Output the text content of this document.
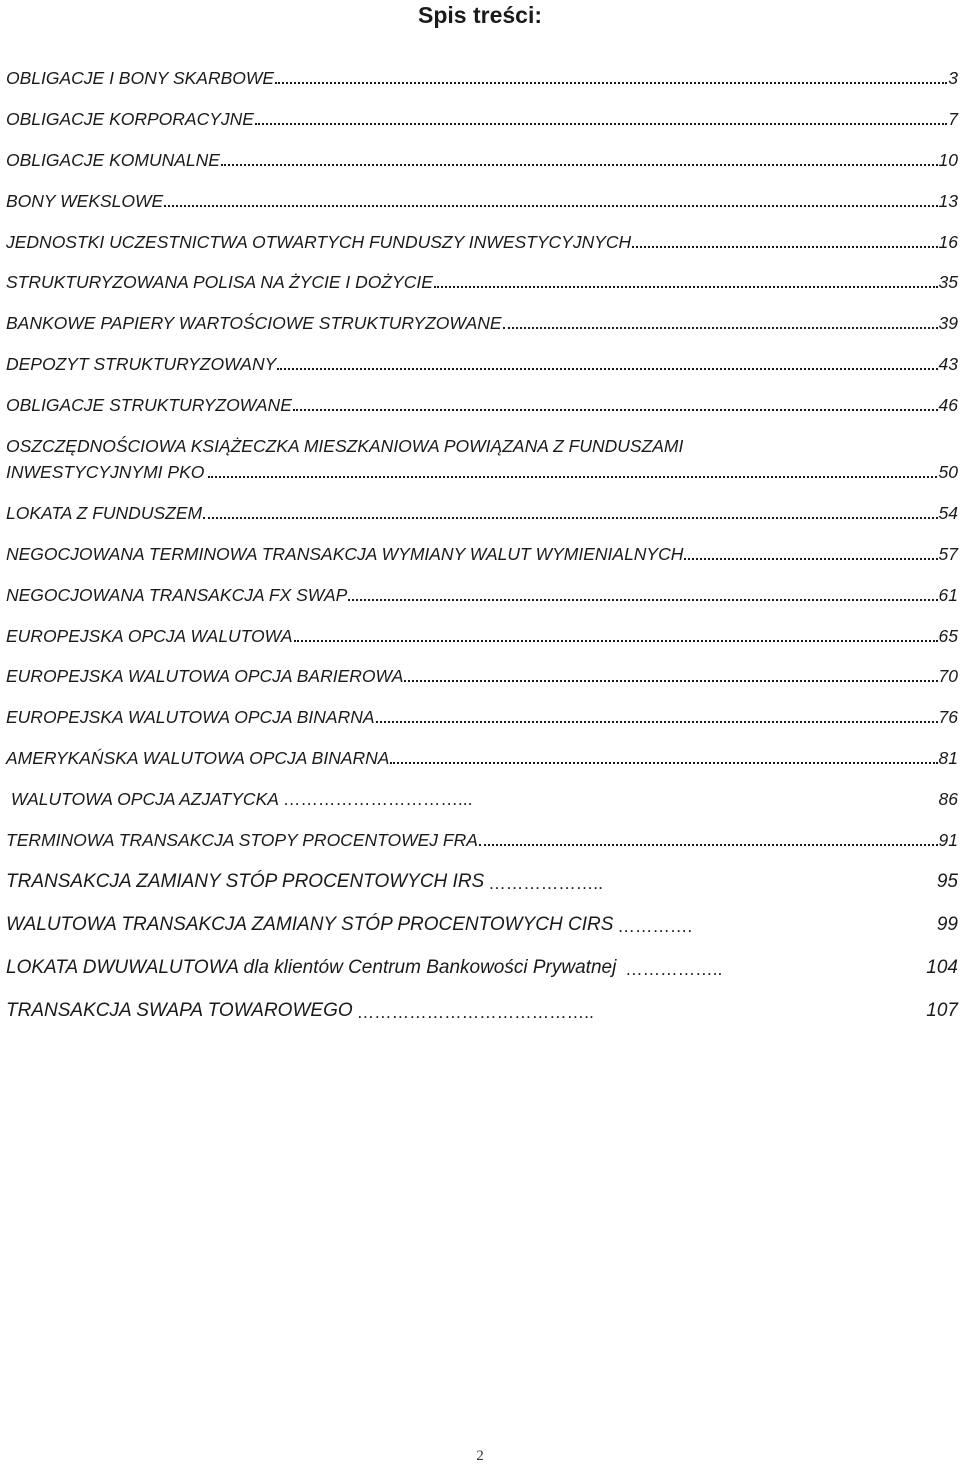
Spis treści:
OBLIGACJE I BONY SKARBOWE	3
OBLIGACJE KORPORACYJNE	7
OBLIGACJE KOMUNALNE	10
BONY WEKSLOWE	13
JEDNOSTKI UCZESTNICTWA OTWARTYCH FUNDUSZY INWESTYCYJNYCH	16
STRUKTURYZOWANA POLISA NA ŻYCIE I DOŻYCIE	35
BANKOWE PAPIERY WARTOŚCIOWE STRUKTURYZOWANE	39
DEPOZYT STRUKTURYZOWANY	43
OBLIGACJE STRUKTURYZOWANE	46
OSZCZĘDNOŚCIOWA KSIĄŻECZKA MIESZKANIOWA POWIĄZANA Z FUNDUSZAMI
INWESTYCYJNYMI PKO	50
LOKATA Z FUNDUSZEM	54
NEGOCJOWANA TERMINOWA TRANSAKCJA WYMIANY WALUT WYMIENIALNYCH	57
NEGOCJOWANA TRANSAKCJA FX SWAP	61
EUROPEJSKA OPCJA WALUTOWA	65
EUROPEJSKA WALUTOWA OPCJA BARIEROWA	70
EUROPEJSKA WALUTOWA OPCJA BINARNA	76
AMERYKAŃSKA WALUTOWA OPCJA BINARNA	81
WALUTOWA OPCJA AZJATYCKA …………………………...	86
TERMINOWA TRANSAKCJA STOPY PROCENTOWEJ FRA	91
TRANSAKCJA ZAMIANY STÓP PROCENTOWYCH IRS ………………..	95
WALUTOWA TRANSAKCJA ZAMIANY STÓP PROCENTOWYCH CIRS ………….	99
LOKATA DWUWALUTOWA dla klientów Centrum Bankowości Prywatnej ……………..	104
TRANSAKCJA SWAPA TOWAROWEGO …………………………………..	107
2
